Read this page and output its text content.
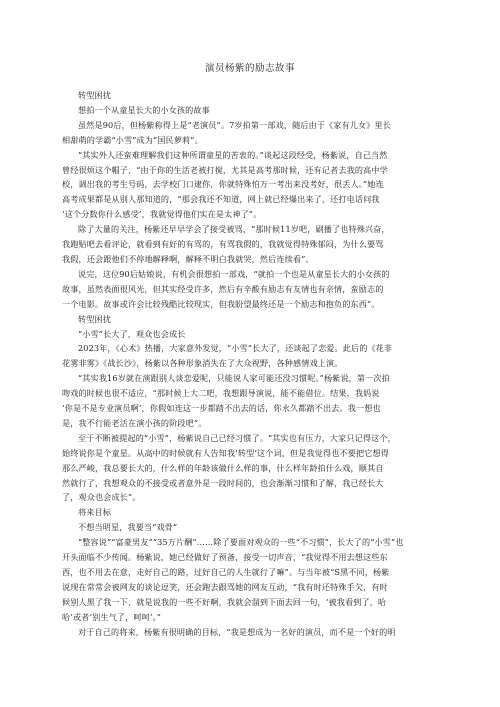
演员杨紫的励志故事
转型困扰
想拍一个从童星长大的小女孩的故事
虽然是90后，但杨紫称得上是“老演员”。7岁拍第一部戏，随后由于《家有儿女》里长
相甜萌的学霸“小雪”成为“国民萝莉”。
“其实外人还蛮难理解我们这种所谓童星的苦衷的。”谈起这段经受，杨紫说，自己当然
曾经很烦这个帽子，“由于你的生活老被打搅，尤其是高考那时候，还有记者去我的高中学
校，调出我的考生号码，去学校门口逮你，你就特殊怕万一考出来没考好，很丢人。”她连
高考成果都是从别人那知道的，“那会我还不知道，网上就已经爆出来了，还打电话问我
‘这个分数你什么感受’，我就觉得他们实在是太神了”。
除了大量的关注，杨紫还早早学会了接受被骂，“那时候11岁吧，刷播了也特殊兴奋，
我跑贴吧去看评论，就看到有好的有骂的，有骂我假的，我就觉得特殊郁闷，为什么要骂
我假，还会跟他们不停地解释啊，解释不明白我就哭，然后连续看”。
说完，这位90后姑娘说，有机会很想拍一部戏，“就拍一个也是从童星长大的小女孩的
故事，虽然表面很风光，但其实经受许多，然后有辛酸有励志有友情也有亲情，蛮励志的
一个电影。故事或许会比较残酷比较现实，但我盼望最终还是一个励志和抱负的东西”。
转型困扰
“小雪”长大了，观众也会成长
2023年，《心术》热播，大家意外发觉，“小雪”长大了，还谈起了恋爱。此后的《花非
花雾非雾》《战长沙》，杨紫以各种形象消失在了大众视野，各种感情戏上演。
“其实我16岁就在演跟别人谈恋爱呢，只能说人家可能还没习惯呢。”杨紫说，第一次拍
吻戏的时候也很不适应，“那时候上大二吧，我想跟导演说，能不能借位。结果，我妈说
‘你是不是专业演员啊’，你假如连这一步都踏不出去的话，你永久都踏不出去。我一想也
是，我不行能老活在演小孩的阶段吧”。
至于不断被提起的“小雪”，杨紫说自己已经习惯了。“其实也有压力，大家只记得这个，
始终说你是个童星。从高中的时候就有人告知我‘转型’这个词，但是我觉得也不要把它想得
那么严峻，我总要长大的，什么样的年龄该做什么样的事，什么样年龄拍什么戏，顺其自
然就行了，我想观众的不接受或者意外是一段时间的，也会渐渐习惯和了解，我已经长大
了，观众也会成长”。
将来目标
不想当明星，我要当“戏骨”
“整容说”“富豪男友”“35万片酬”……除了要面对观众的一些“不习惯”，长大了的“小雪”也
开头面临不少传闻。杨紫说，她已经做好了预备，接受一切声音，“我觉得不用去想这些东
西，也不用去在意，走好自己的路，过好自己的人生就行了嘛”。与当年被“S黑不同，杨紫
说现在常常会被网友的谈论逗笑，还会跑去跟骂她的网友互动，“我有时还特殊手欠，有时
候别人黑了我一下，就是说我的一些不好啊，我就会溜到下面去回一句，‘被我看到了，哈
哈’或者‘别生气了，呵呵’。”
对于自己的将来，杨紫有很明确的目标，“我是想成为一名好的演员，而不是一个好的明
